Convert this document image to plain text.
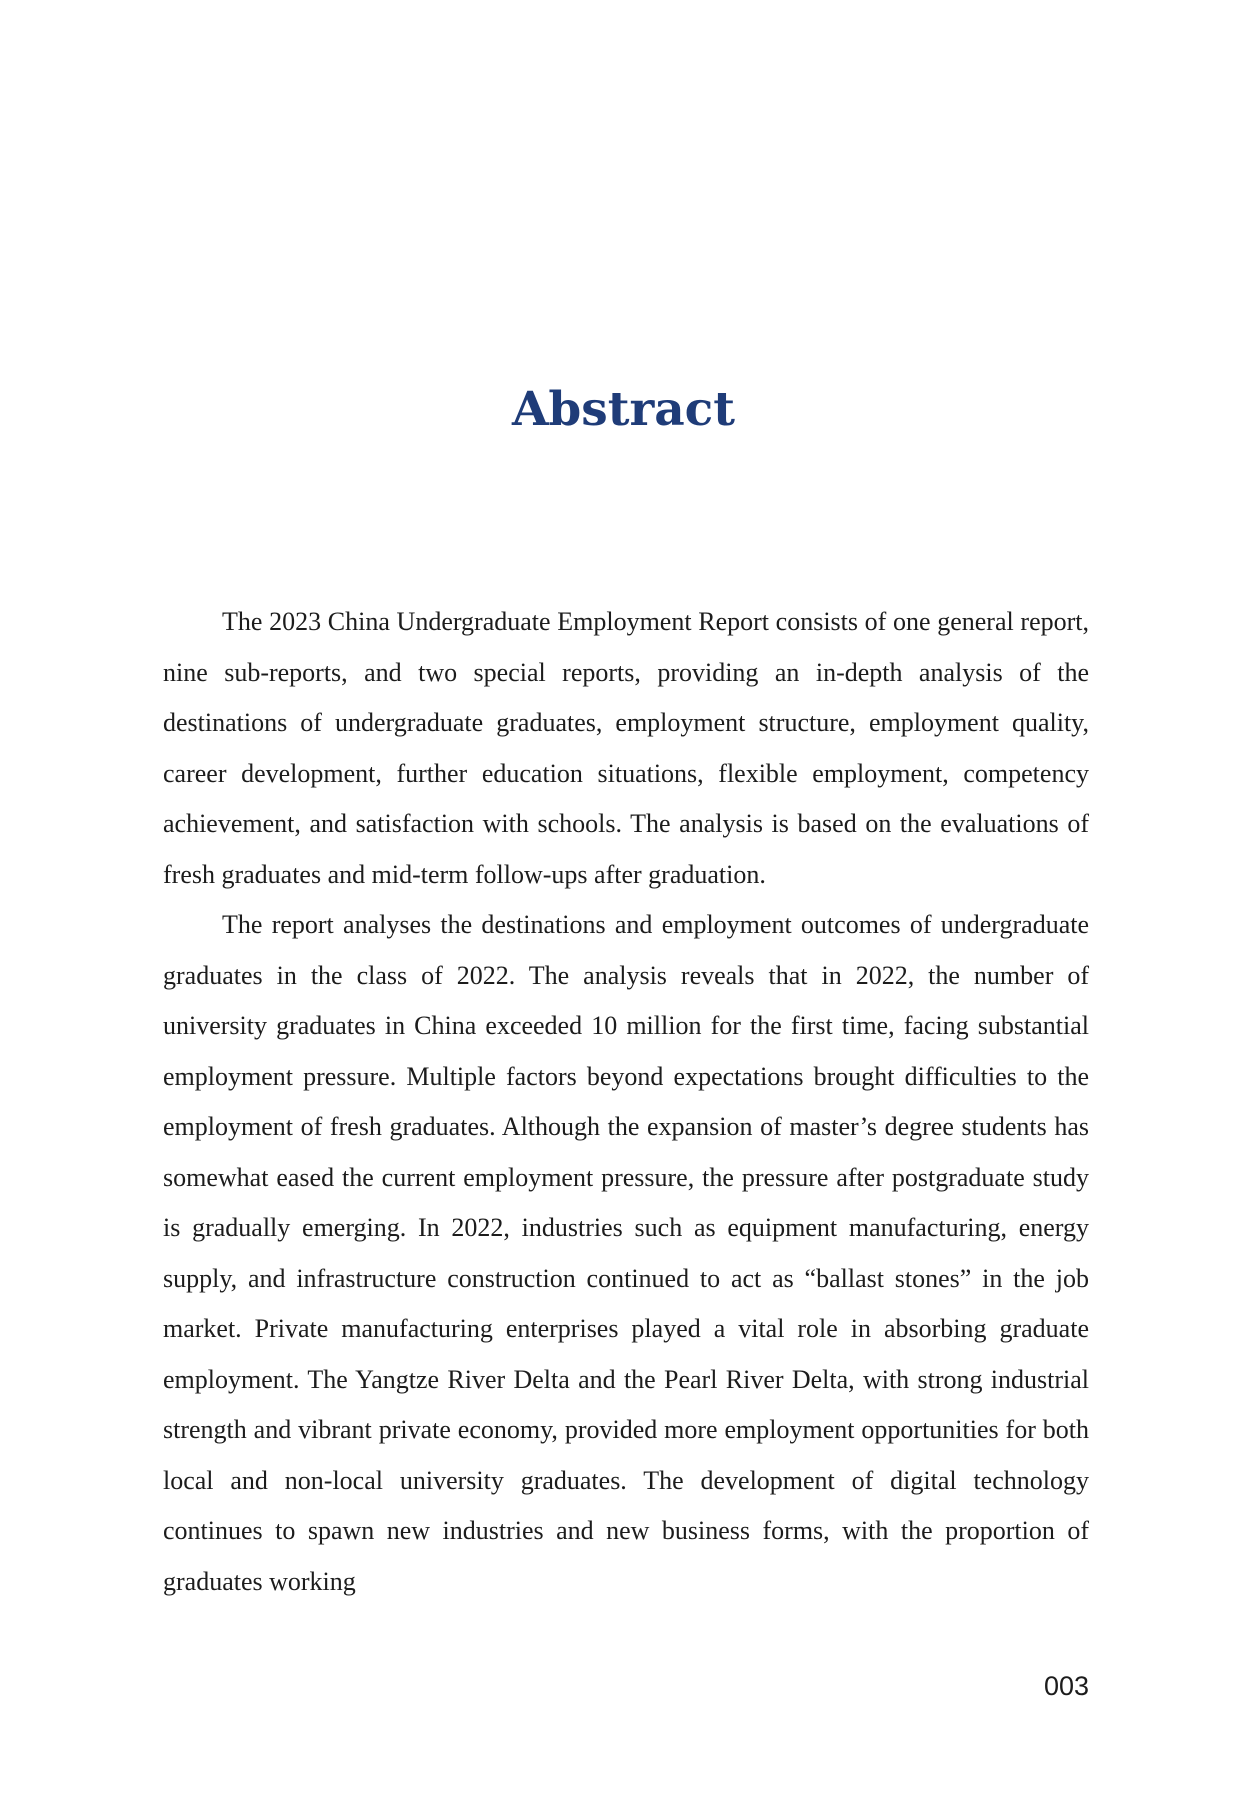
Abstract

The 2023 China Undergraduate Employment Report consists of one general report, nine sub-reports, and two special reports, providing an in-depth analysis of the destinations of undergraduate graduates, employment structure, employment quality, career development, further education situations, flexible employment, competency achievement, and satisfaction with schools. The analysis is based on the evaluations of fresh graduates and mid-term follow-ups after graduation.

The report analyses the destinations and employment outcomes of undergraduate graduates in the class of 2022. The analysis reveals that in 2022, the number of university graduates in China exceeded 10 million for the first time, facing substantial employment pressure. Multiple factors beyond expectations brought difficulties to the employment of fresh graduates. Although the expansion of master’s degree students has somewhat eased the current employment pressure, the pressure after postgraduate study is gradually emerging. In 2022, industries such as equipment manufacturing, energy supply, and infrastructure construction continued to act as “ballast stones” in the job market. Private manufacturing enterprises played a vital role in absorbing graduate employment. The Yangtze River Delta and the Pearl River Delta, with strong industrial strength and vibrant private economy, provided more employment opportunities for both local and non-local university graduates. The development of digital technology continues to spawn new industries and new business forms, with the proportion of graduates working

003
